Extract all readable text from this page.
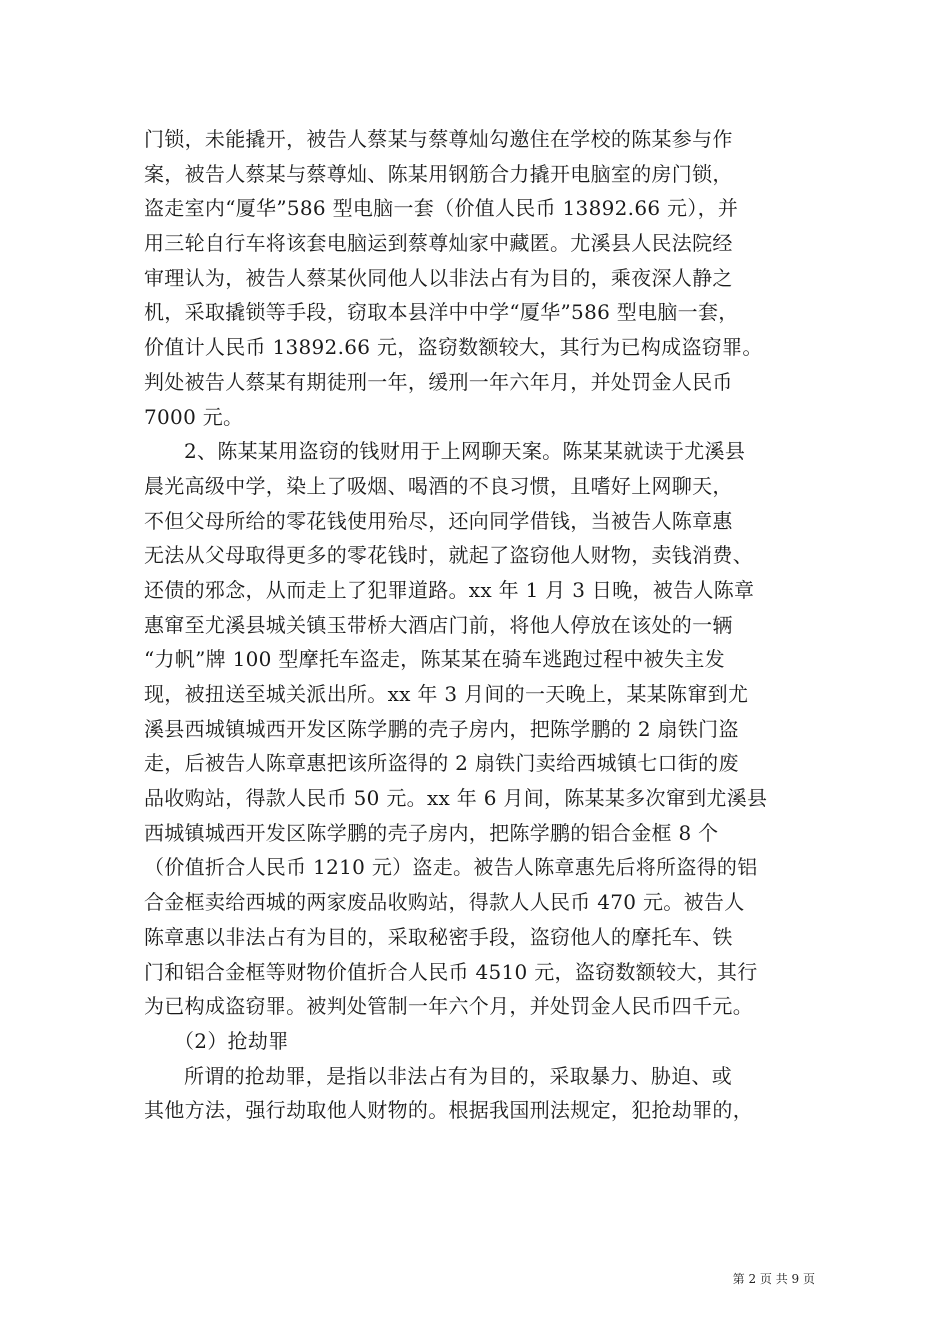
门锁，未能撬开，被告人蔡某与蔡尊灿勾邀住在学校的陈某参与作
案，被告人蔡某与蔡尊灿、陈某用钢筋合力撬开电脑室的房门锁，
盗走室内“厦华”586 型电脑一套（价值人民币 13892.66 元），并
用三轮自行车将该套电脑运到蔡尊灿家中藏匿。尤溪县人民法院经
审理认为，被告人蔡某伙同他人以非法占有为目的，乘夜深人静之
机，采取撬锁等手段，窃取本县洋中中学“厦华”586 型电脑一套，
价值计人民币 13892.66 元，盗窃数额较大，其行为已构成盗窃罪。
判处被告人蔡某有期徒刑一年，缓刑一年六年月，并处罚金人民币
7000 元。
2、陈某某用盗窃的钱财用于上网聊天案。陈某某就读于尤溪县
晨光高级中学，染上了吸烟、喝酒的不良习惯，且嗜好上网聊天，
不但父母所给的零花钱使用殆尽，还向同学借钱，当被告人陈章惠
无法从父母取得更多的零花钱时，就起了盗窃他人财物，卖钱消费、
还债的邪念，从而走上了犯罪道路。xx 年 1 月 3 日晚，被告人陈章
惠窜至尤溪县城关镇玉带桥大酒店门前，将他人停放在该处的一辆
“力帆”牌 100 型摩托车盗走，陈某某在骑车逃跑过程中被失主发
现，被扭送至城关派出所。xx 年 3 月间的一天晚上，某某陈窜到尤
溪县西城镇城西开发区陈学鹏的壳子房内，把陈学鹏的 2 扇铁门盗
走，后被告人陈章惠把该所盗得的 2 扇铁门卖给西城镇七口街的废
品收购站，得款人民币 50 元。xx 年 6 月间，陈某某多次窜到尤溪县
西城镇城西开发区陈学鹏的壳子房内，把陈学鹏的铝合金框 8 个
（价值折合人民币 1210 元）盗走。被告人陈章惠先后将所盗得的铝
合金框卖给西城的两家废品收购站，得款人人民币 470 元。被告人
陈章惠以非法占有为目的，采取秘密手段，盗窃他人的摩托车、铁
门和铝合金框等财物价值折合人民币 4510 元，盗窃数额较大，其行
为已构成盗窃罪。被判处管制一年六个月，并处罚金人民币四千元。
（2）抢劫罪
所谓的抢劫罪，是指以非法占有为目的，采取暴力、胁迫、或
其他方法，强行劫取他人财物的。根据我国刑法规定，犯抢劫罪的，
第 2 页 共 9 页
